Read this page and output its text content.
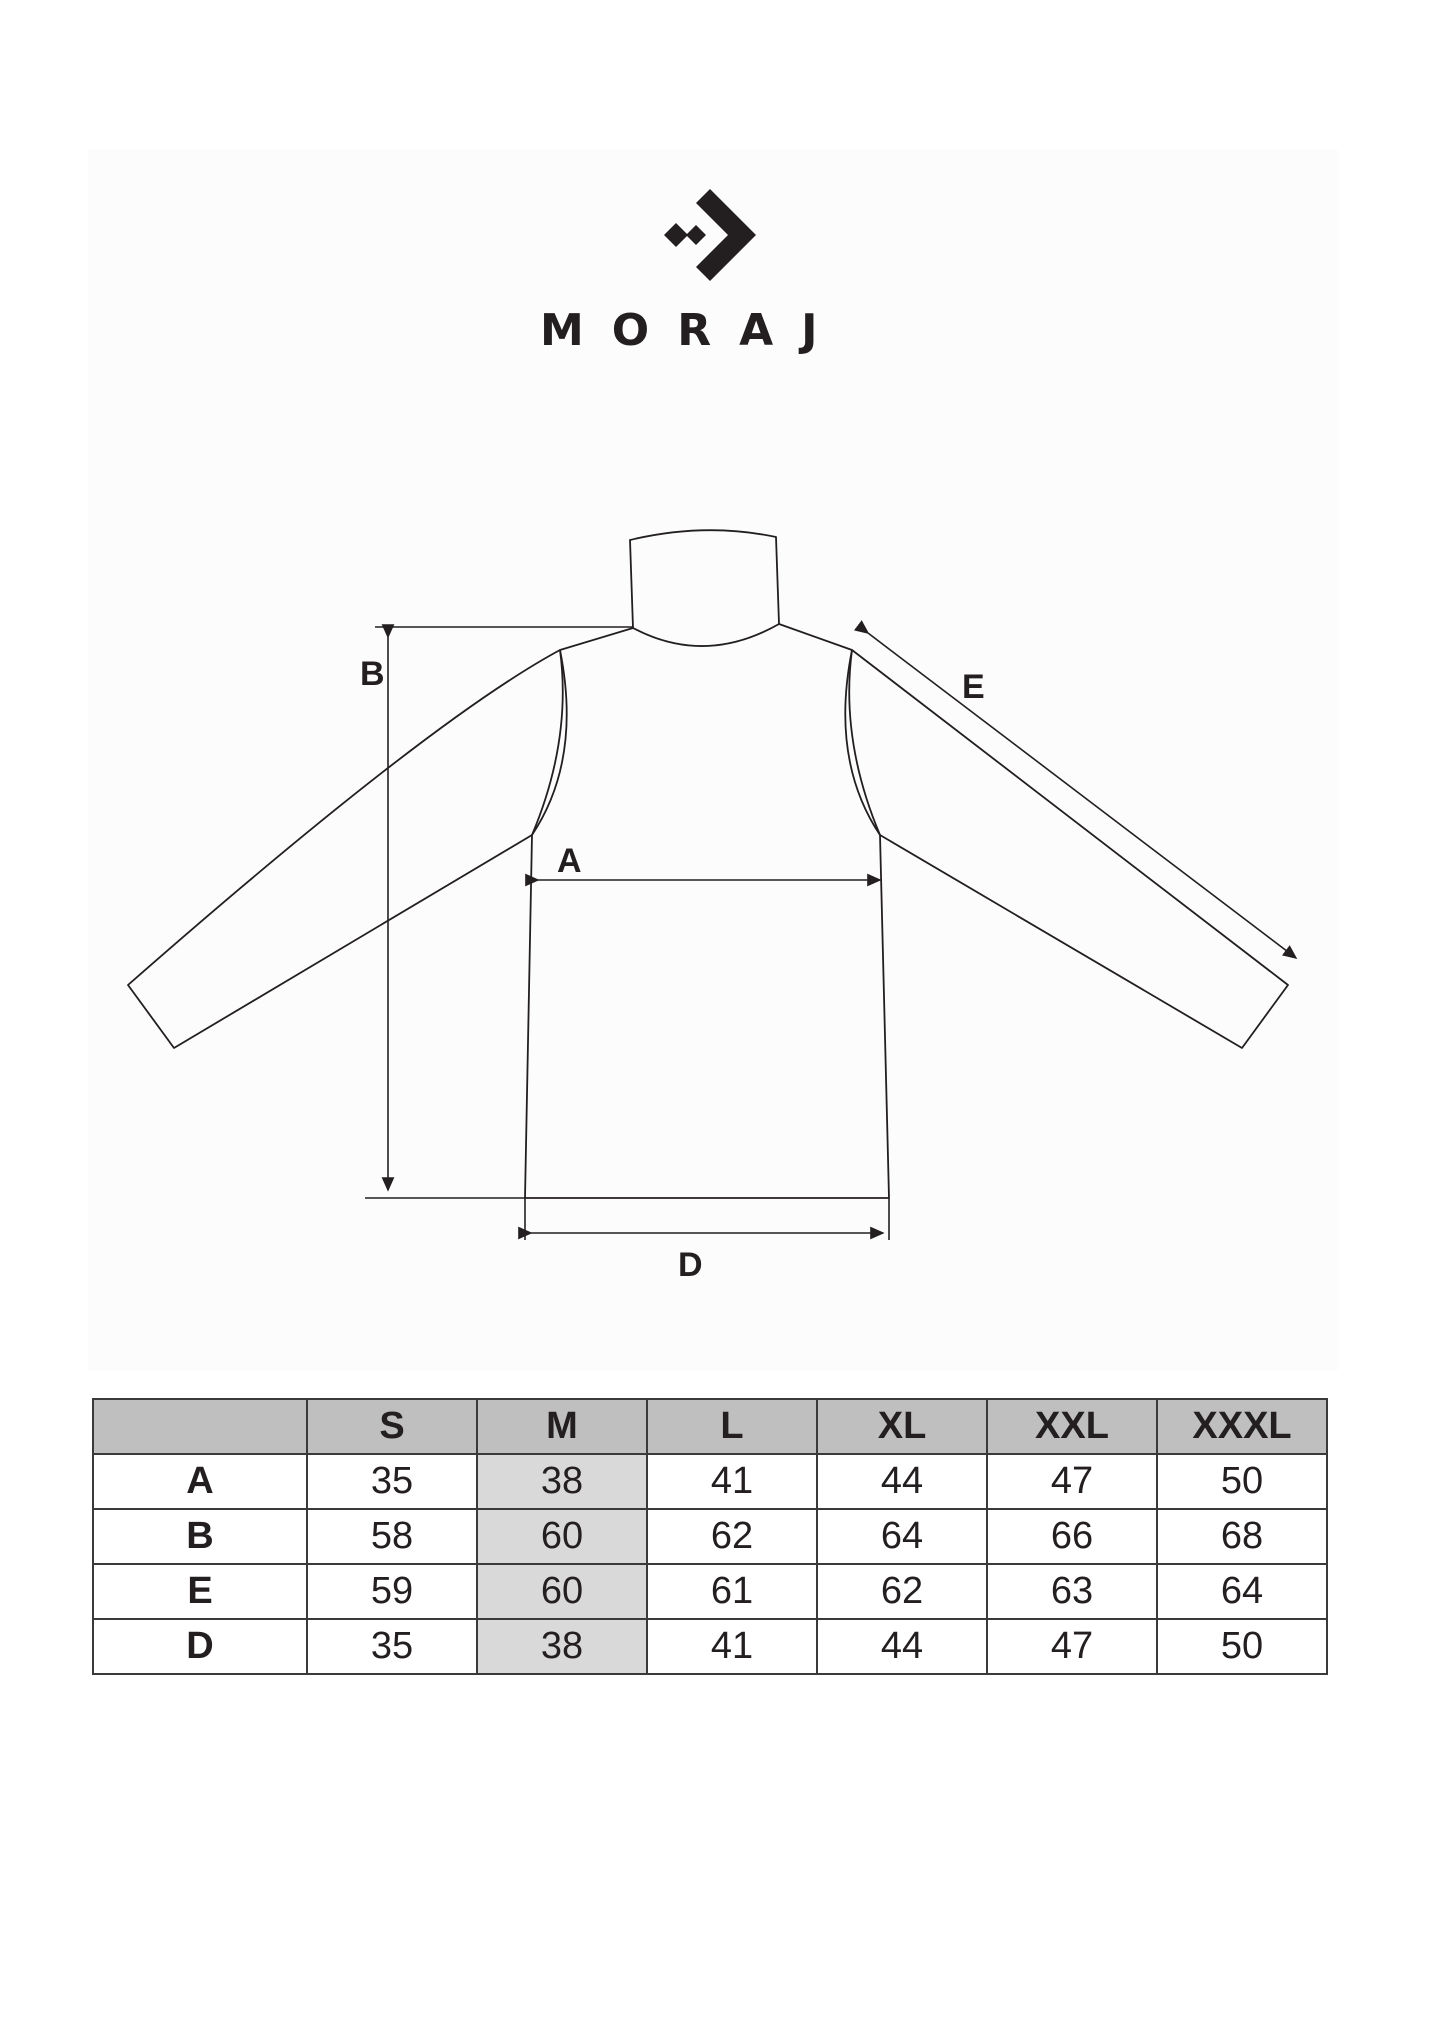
MORAJ
B
A
E
D
	S	M	L	XL	XXL	XXXL
A	35	38	41	44	47	50
B	58	60	62	64	66	68
E	59	60	61	62	63	64
D	35	38	41	44	47	50
